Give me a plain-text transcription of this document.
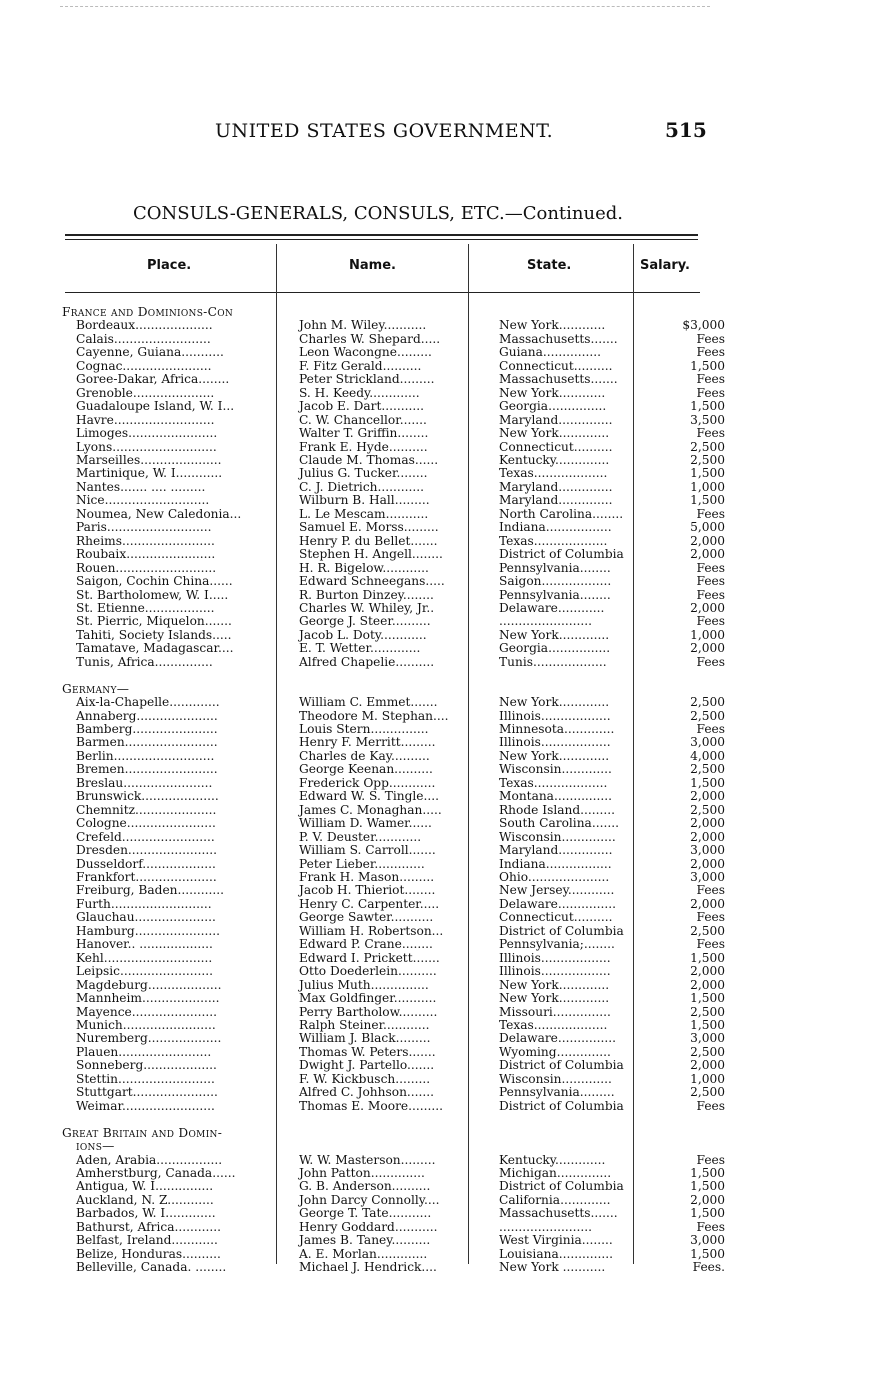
UNITED STATES GOVERNMENT.	515
CONSULS-GENERALS, CONSULS, ETC.—Continued.
Place.	Name.	State.	Salary.
France and Dominions-Con			
Bordeaux....................	John M. Wiley...........	New York............	$3,000
Calais.........................	Charles W. Shepard.....	Massachusetts.......	Fees
Cayenne, Guiana...........	Leon Wacongne.........	Guiana...............	Fees
Cognac.......................	F. Fitz Gerald..........	Connecticut..........	1,500
Goree-Dakar, Africa........	Peter Strickland.........	Massachusetts.......	Fees
Grenoble.....................	S. H. Keedy.............	New York............	Fees
Guadaloupe Island, W. I...	Jacob E. Dart...........	Georgia...............	1,500
Havre..........................	C. W. Chancellor.......	Maryland..............	3,500
Limoges.......................	Walter T. Griffin........	New York.............	Fees
Lyons...........................	Frank E. Hyde..........	Connecticut..........	2,500
Marseilles.....................	Claude M. Thomas......	Kentucky..............	2,500
Martinique, W. I............	Julius G. Tucker........	Texas...................	1,500
Nantes....... .... .........	C. J. Dietrich............	Maryland..............	1,000
Nice...........................	Wilburn B. Hall.........	Maryland..............	1,500
Noumea, New Caledonia...	L. Le Mescam...........	North Carolina........	Fees
Paris...........................	Samuel E. Morss.........	Indiana.................	5,000
Rheims........................	Henry P. du Bellet.......	Texas...................	2,000
Roubaix.......................	Stephen H. Angell........	District of Columbia	2,000
Rouen..........................	H. R. Bigelow............	Pennsylvania........	Fees
Saigon, Cochin China......	Edward Schneegans.....	Saigon..................	Fees
St. Bartholomew, W. I.....	R. Burton Dinzey........	Pennsylvania........	Fees
St. Etienne..................	Charles W. Whiley, Jr..	Delaware............	2,000
St. Pierric, Miquelon.......	George J. Steer..........	........................	Fees
Tahiti, Society Islands.....	Jacob L. Doty............	New York.............	1,000
Tamatave, Madagascar....	E. T. Wetter.............	Georgia................	2,000
Tunis, Africa...............	Alfred Chapelie..........	Tunis...................	Fees

Germany—			
Aix-la-Chapelle.............	William C. Emmet.......	New York.............	2,500
Annaberg.....................	Theodore M. Stephan....	Illinois..................	2,500
Bamberg......................	Louis Stern...............	Minnesota.............	Fees
Barmen........................	Henry F. Merritt.........	Illinois..................	3,000
Berlin..........................	Charles de Kay..........	New York.............	4,000
Bremen........................	George Keenan..........	Wisconsin.............	2,500
Breslau.......................	Frederick Opp............	Texas...................	1,500
Brunswick....................	Edward W. S. Tingle....	Montana...............	2,000
Chemnitz.....................	James C. Monaghan.....	Rhode Island.........	2,500
Cologne.......................	William D. Wamer......	South Carolina.......	2,000
Crefeld........................	P. V. Deuster............	Wisconsin..............	2,000
Dresden.......................	William S. Carroll.......	Maryland..............	3,000
Dusseldorf...................	Peter Lieber.............	Indiana.................	2,000
Frankfort.....................	Frank H. Mason.........	Ohio.....................	3,000
Freiburg, Baden............	Jacob H. Thieriot........	New Jersey............	Fees
Furth..........................	Henry C. Carpenter.....	Delaware...............	2,000
Glauchau.....................	George Sawter...........	Connecticut..........	Fees
Hamburg......................	William H. Robertson...	District of Columbia	2,500
Hanover.. ...................	Edward P. Crane........	Pennsylvania;........	Fees
Kehl............................	Edward I. Prickett.......	Illinois..................	1,500
Leipsic........................	Otto Doederlein..........	Illinois..................	2,000
Magdeburg...................	Julius Muth...............	New York.............	2,000
Mannheim....................	Max Goldfinger...........	New York.............	1,500
Mayence......................	Perry Bartholow..........	Missouri...............	2,500
Munich........................	Ralph Steiner............	Texas...................	1,500
Nuremberg...................	William J. Black.........	Delaware...............	3,000
Plauen........................	Thomas W. Peters.......	Wyoming..............	2,500
Sonneberg...................	Dwight J. Partello.......	District of Columbia	2,000
Stettin.........................	F. W. Kickbusch.........	Wisconsin.............	1,000
Stuttgart......................	Alfred C. Johhson.......	Pennsylvania.........	2,500
Weimar........................	Thomas E. Moore.........	District of Columbia	Fees

Great Britain and Domin-			
ions—			
Aden, Arabia.................	W. W. Masterson.........	Kentucky.............	Fees
Amherstburg, Canada......	John Patton..............	Michigan..............	1,500
Antigua, W. I...............	G. B. Anderson..........	District of Columbia	1,500
Auckland, N. Z............	John Darcy Connolly....	California.............	2,000
Barbados, W. I.............	George T. Tate...........	Massachusetts.......	1,500
Bathurst, Africa............	Henry Goddard...........	........................	Fees
Belfast, Ireland............	James B. Taney..........	West Virginia........	3,000
Belize, Honduras..........	A. E. Morlan.............	Louisiana..............	1,500
Belleville, Canada. ........	Michael J. Hendrick....	New York ...........	Fees.
